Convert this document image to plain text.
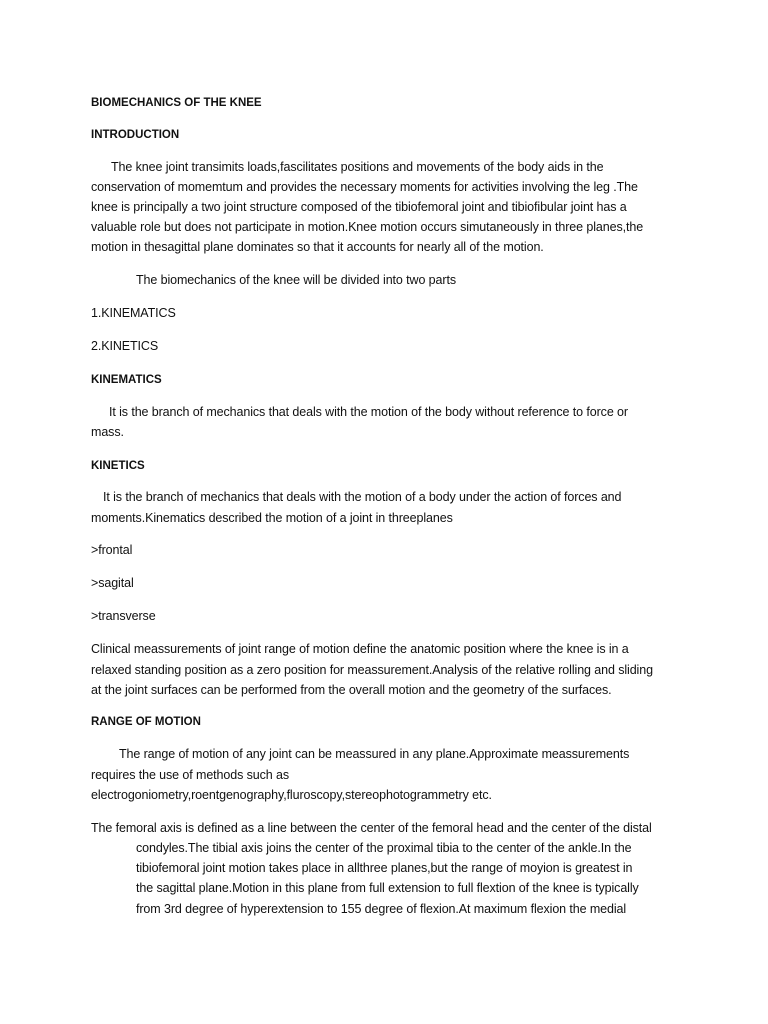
BIOMECHANICS OF THE KNEE
INTRODUCTION
The knee joint transimits loads,fascilitates positions and movements of the body aids in the
conservation of momemtum and provides the necessary moments for activities involving the leg .The
knee is principally a two joint structure composed of the tibiofemoral joint and tibiofibular joint has a
valuable role but does not participate in motion.Knee motion occurs simutaneously in three planes,the
motion in thesagittal plane dominates so that it accounts for nearly all of the motion.
The biomechanics of the knee will be divided into two parts
1.KINEMATICS
2.KINETICS
KINEMATICS
It is the branch of mechanics that deals with the motion of the body without reference to force or
mass.
KINETICS
It is the branch of mechanics that deals with the motion of a body under the action of forces and
moments.Kinematics described the motion of a joint in threeplanes
>frontal
>sagital
>transverse
Clinical meassurements of joint range of motion define the anatomic position where the knee is in a
relaxed standing position as a zero position for meassurement.Analysis of the relative rolling and sliding
at the joint surfaces can be performed from the overall motion and the geometry of the surfaces.
RANGE OF MOTION
The range of motion of any joint can be meassured in any plane.Approximate meassurements
requires the use of methods such as
electrogoniometry,roentgenography,fluroscopy,stereophotogrammetry etc.
The femoral axis is defined as a line between the center of the femoral head and the center of the distal
condyles.The tibial axis joins the center of the proximal tibia to the center of the ankle.In the
tibiofemoral joint motion takes place in allthree planes,but the range of moyion is greatest in
the sagittal plane.Motion in this plane from full extension to full flextion of the knee is typically
from 3rd degree of hyperextension to 155 degree of flexion.At maximum flexion the medial
